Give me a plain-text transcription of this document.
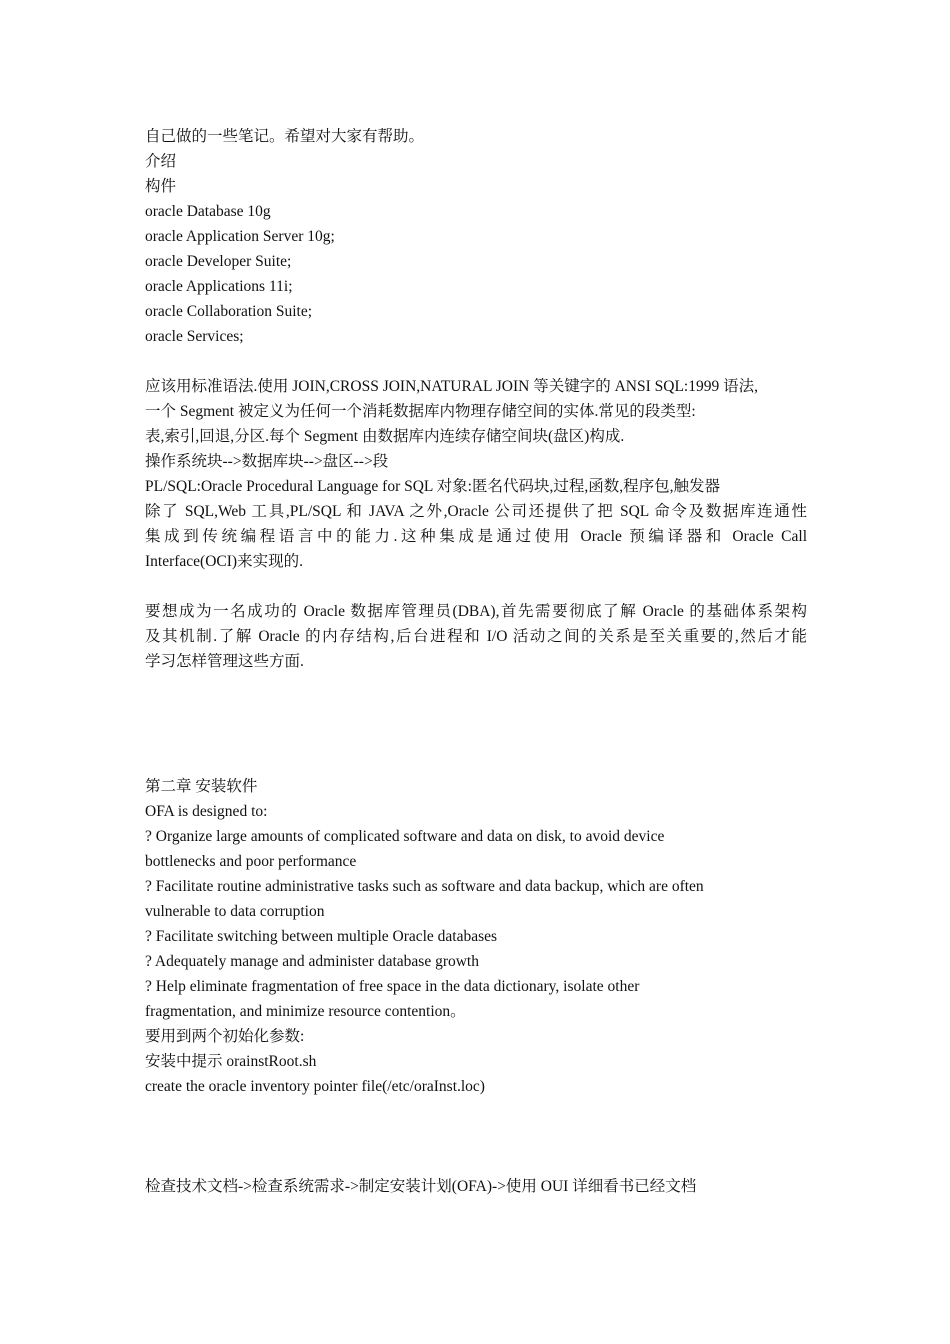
自己做的一些笔记。希望对大家有帮助。
介绍
构件
oracle Database 10g
oracle Application Server 10g;
oracle Developer Suite;
oracle Applications 11i;
oracle Collaboration Suite;
oracle Services;
应该用标准语法.使用 JOIN,CROSS JOIN,NATURAL JOIN 等关键字的 ANSI SQL:1999 语法,
一个 Segment 被定义为任何一个消耗数据库内物理存储空间的实体.常见的段类型:
表,索引,回退,分区.每个 Segment 由数据库内连续存储空间块(盘区)构成.
操作系统块-->数据库块-->盘区-->段
PL/SQL:Oracle Procedural Language for SQL 对象:匿名代码块,过程,函数,程序包,触发器
除了 SQL,Web 工具,PL/SQL 和 JAVA 之外,Oracle 公司还提供了把 SQL 命令及数据库连通性
集成到传统编程语言中的能力.这种集成是通过使用 Oracle 预编译器和 Oracle Call
Interface(OCI)来实现的.
要想成为一名成功的 Oracle 数据库管理员(DBA),首先需要彻底了解 Oracle 的基础体系架构
及其机制.了解 Oracle 的内存结构,后台进程和 I/O 活动之间的关系是至关重要的,然后才能
学习怎样管理这些方面.
第二章 安装软件
OFA is designed to:
? Organize large amounts of complicated software and data on disk, to avoid device
bottlenecks and poor performance
? Facilitate routine administrative tasks such as software and data backup, which are often
vulnerable to data corruption
? Facilitate switching between multiple Oracle databases
? Adequately manage and administer database growth
? Help eliminate fragmentation of free space in the data dictionary, isolate other
fragmentation, and minimize resource contention。
要用到两个初始化参数:
安装中提示 orainstRoot.sh
create the oracle inventory pointer file(/etc/oraInst.loc)
检查技术文档->检查系统需求->制定安装计划(OFA)->使用 OUI 详细看书已经文档
